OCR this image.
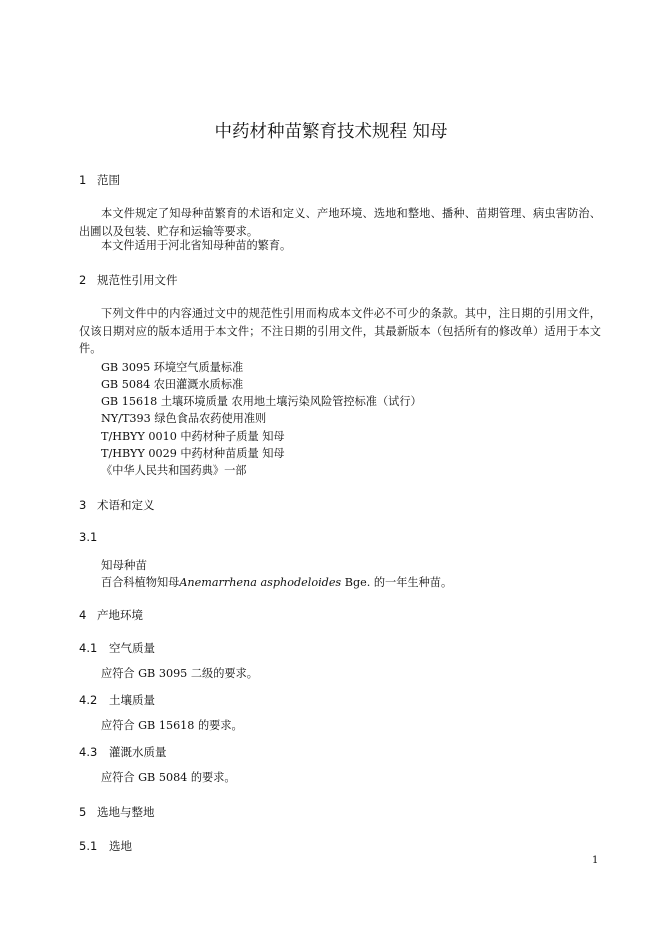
中药材种苗繁育技术规程 知母
1 范围
本文件规定了知母种苗繁育的术语和定义、产地环境、选地和整地、播种、苗期管理、病虫害防治、出圃以及包装、贮存和运输等要求。
本文件适用于河北省知母种苗的繁育。
2 规范性引用文件
下列文件中的内容通过文中的规范性引用而构成本文件必不可少的条款。其中，注日期的引用文件，仅该日期对应的版本适用于本文件；不注日期的引用文件，其最新版本（包括所有的修改单）适用于本文件。
GB 3095 环境空气质量标准
GB 5084 农田灌溉水质标准
GB 15618 土壤环境质量 农用地土壤污染风险管控标准（试行）
NY/T393 绿色食品农药使用准则
T/HBYY 0010 中药材种子质量 知母
T/HBYY 0029 中药材种苗质量 知母
《中华人民共和国药典》一部
3 术语和定义
3.1
知母种苗
百合科植物知母Anemarrhena asphodeloides Bge. 的一年生种苗。
4 产地环境
4.1 空气质量
应符合 GB 3095 二级的要求。
4.2 土壤质量
应符合 GB 15618 的要求。
4.3 灌溉水质量
应符合 GB 5084 的要求。
5 选地与整地
5.1 选地
1
